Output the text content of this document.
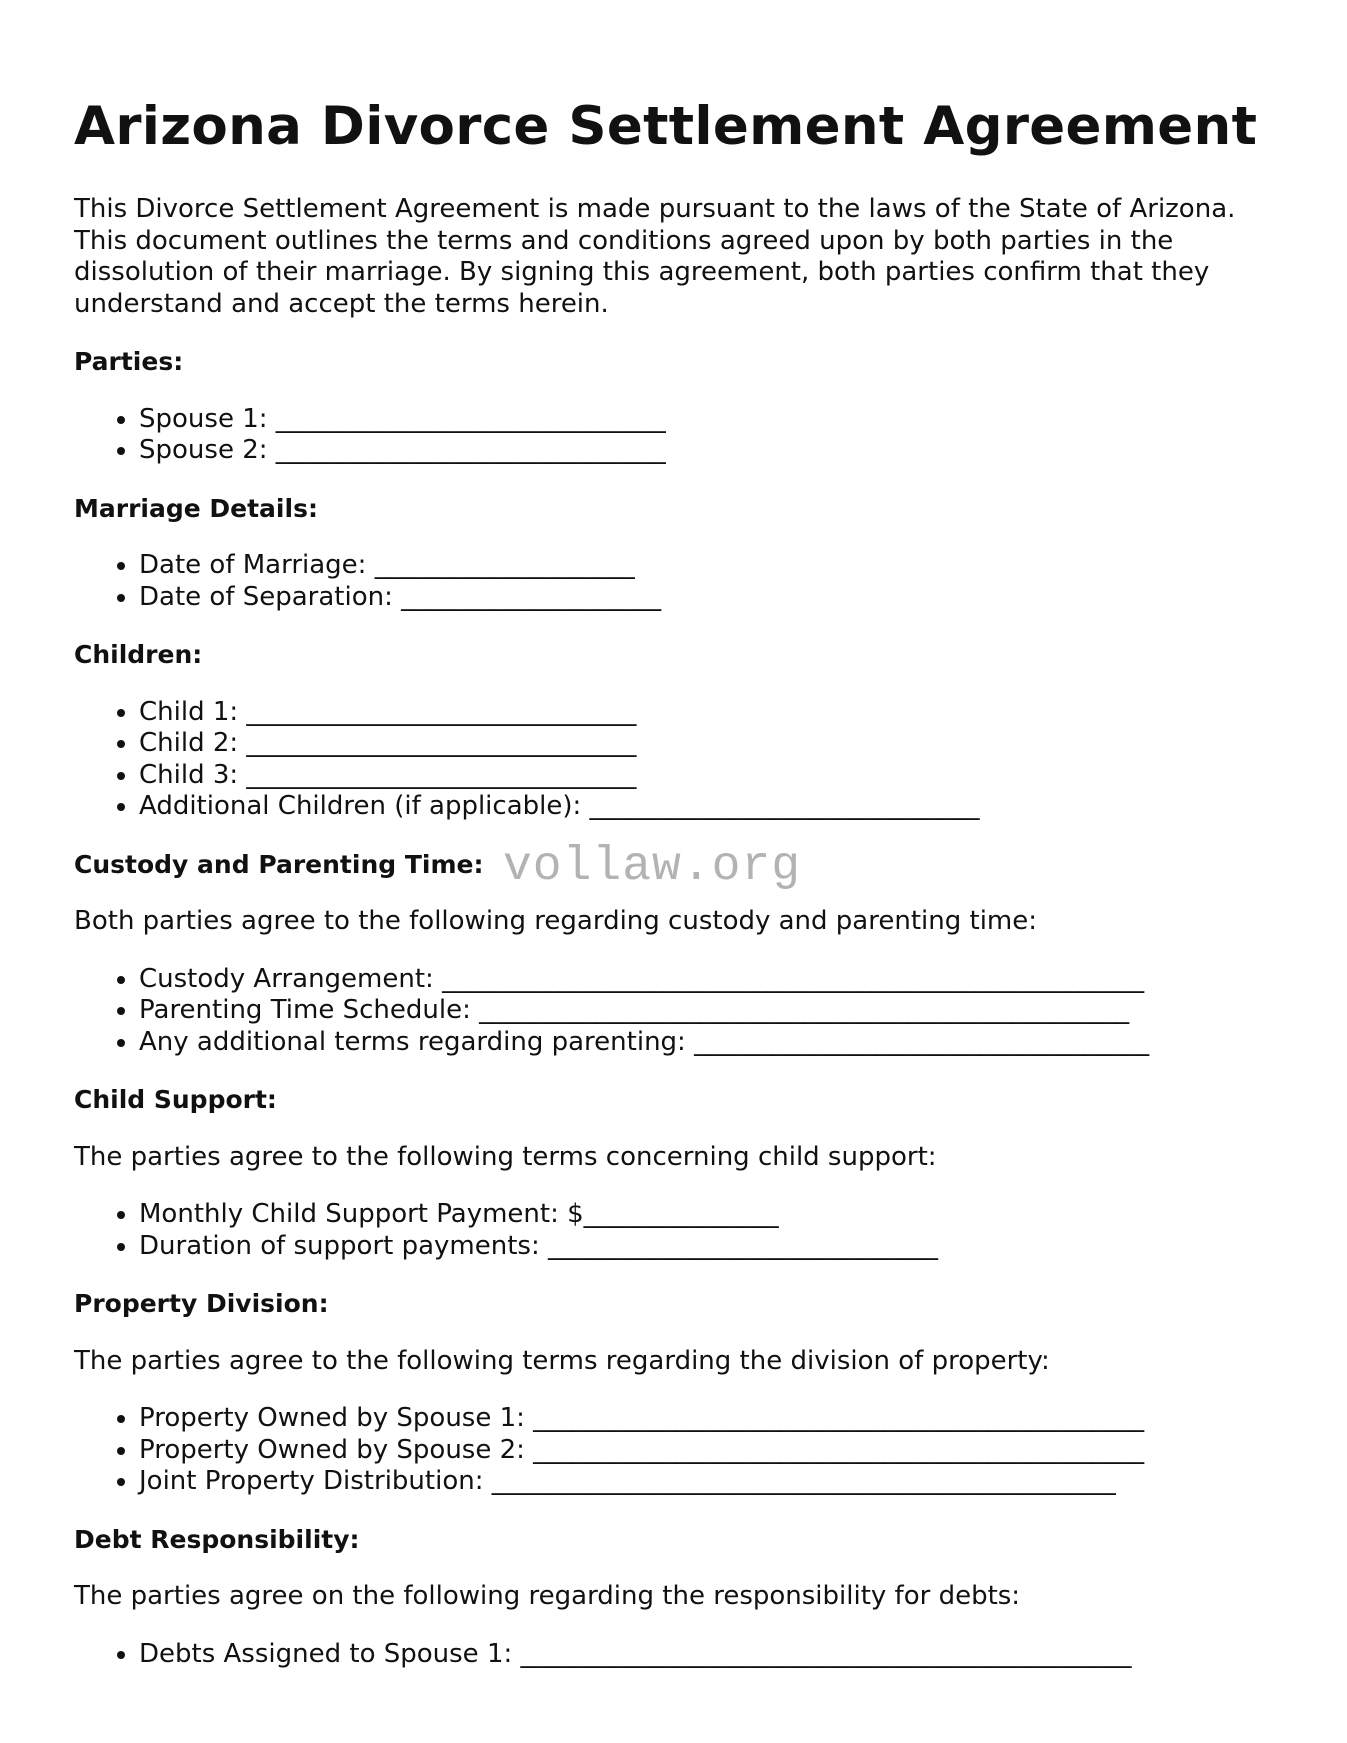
Arizona Divorce Settlement Agreement

This Divorce Settlement Agreement is made pursuant to the laws of the State of Arizona. This document outlines the terms and conditions agreed upon by both parties in the dissolution of their marriage. By signing this agreement, both parties confirm that they understand and accept the terms herein.

Parties:
• Spouse 1: ______________________________
• Spouse 2: ______________________________
Marriage Details:
• Date of Marriage: ____________________
• Date of Separation: ____________________
Children:
• Child 1: ______________________________
• Child 2: ______________________________
• Child 3: ______________________________
• Additional Children (if applicable): ______________________________
Custody and Parenting Time:

Both parties agree to the following regarding custody and parenting time:

• Custody Arrangement: ______________________________________________________
• Parenting Time Schedule: __________________________________________________
• Any additional terms regarding parenting: ___________________________________
Child Support:

The parties agree to the following terms concerning child support:

• Monthly Child Support Payment: $_______________
• Duration of support payments: ______________________________
Property Division:

The parties agree to the following terms regarding the division of property:

• Property Owned by Spouse 1: _______________________________________________
• Property Owned by Spouse 2: _______________________________________________
• Joint Property Distribution: ________________________________________________
Debt Responsibility:

The parties agree on the following regarding the responsibility for debts:

• Debts Assigned to Spouse 1: _______________________________________________
vollaw.org
